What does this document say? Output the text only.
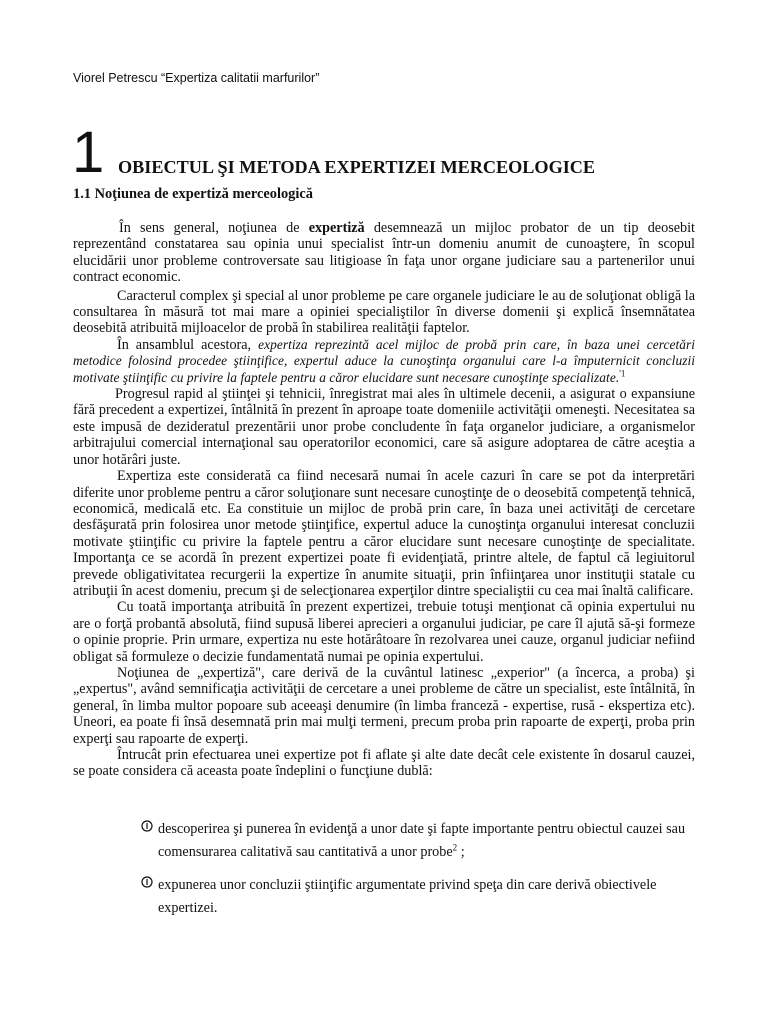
Viorel Petrescu “Expertiza calitatii marfurilor”
1 OBIECTUL ŞI METODA EXPERTIZEI MERCEOLOGICE
1.1 Noţiunea de expertiză merceologică

În sens general, noţiunea de expertiză desemnează un mijloc probator de un tip deosebit reprezentând constatarea sau opinia unui specialist într-un domeniu anumit de cunoaştere, în scopul elucidării unor probleme controversate sau litigioase în faţa unor organe judiciare sau a partenerilor unui contract economic.

Caracterul complex şi special al unor probleme pe care organele judiciare le au de soluţionat obligă la consultarea în măsură tot mai mare a opiniei specialiştilor în diverse domenii şi explică însemnătatea deosebită atribuită mijloacelor de probă în stabilirea realităţii faptelor.

În ansamblul acestora, expertiza reprezintă acel mijloc de probă prin care, în baza unei cercetări metodice folosind procedee ştiinţifice, expertul aduce la cunoştinţa organului care l-a împuternicit concluzii motivate ştiinţific cu privire la faptele pentru a căror elucidare sunt necesare cunoştinţe specializate.$^{'1}$

Progresul rapid al ştiinţei şi tehnicii, înregistrat mai ales în ultimele decenii, a asigurat o expansiune fără precedent a expertizei, întâlnită în prezent în aproape toate domeniile activităţii omeneşti. Necesitatea sa este impusă de dezideratul prezentării unor probe concludente în faţa organelor judiciare, a organismelor arbitrajului comercial internaţional sau operatorilor economici, care să asigure adoptarea de către aceştia a unor hotărâri juste.

Expertiza este considerată ca fiind necesară numai în acele cazuri în care se pot da interpretări diferite unor probleme pentru a căror soluţionare sunt necesare cunoştinţe de o deosebită competenţă tehnică, economică, medicală etc. Ea constituie un mijloc de probă prin care, în baza unei activităţi de cercetare desfăşurată prin folosirea unor metode ştiinţifice, expertul aduce la cunoştinţa organului interesat concluzii motivate ştiinţific cu privire la faptele pentru a căror elucidare sunt necesare cunoştinţe de specialitate. Importanţa ce se acordă în prezent expertizei poate fi evidenţiată, printre altele, de faptul că legiuitorul prevede obligativitatea recurgerii la expertize în anumite situaţii, prin înfiinţarea unor instituţii statale cu atribuţii în acest domeniu, precum şi de selecţionarea experţilor dintre specialiştii cu cea mai înaltă calificare.

Cu toată importanţa atribuită în prezent expertizei, trebuie totuşi menţionat că opinia expertului nu are o forţă probantă absolută, fiind supusă liberei aprecieri a organului judiciar, pe care îl ajută să-şi formeze o opinie proprie. Prin urmare, expertiza nu este hotărâtoare în rezolvarea unei cauze, organul judiciar nefiind obligat să formuleze o decizie fundamentată numai pe opinia expertului.

Noţiunea de „expertiză", care derivă de la cuvântul latinesc „experior" (a încerca, a proba) şi „expertus", având semnificaţia activităţii de cercetare a unei probleme de către un specialist, este întâlnită, în general, în limba multor popoare sub aceeaşi denumire (în limba franceză - expertise, rusă - ekspertiza etc). Uneori, ea poate fi însă desemnată prin mai mulţi termeni, precum proba prin rapoarte de experţi, proba prin experţi sau rapoarte de experţi.

Întrucât prin efectuarea unei expertize pot fi aflate şi alte date decât cele existente în dosarul cauzei, se poate considera că aceasta poate îndeplini o funcţiune dublă:

descoperirea şi punerea în evidenţă a unor date şi fapte importante pentru obiectul cauzei sau comensurarea calitativă sau cantitativă a unor probe$^2$ ;
expunerea unor concluzii ştiinţific argumentate privind speţa din care derivă obiectivele expertizei.
